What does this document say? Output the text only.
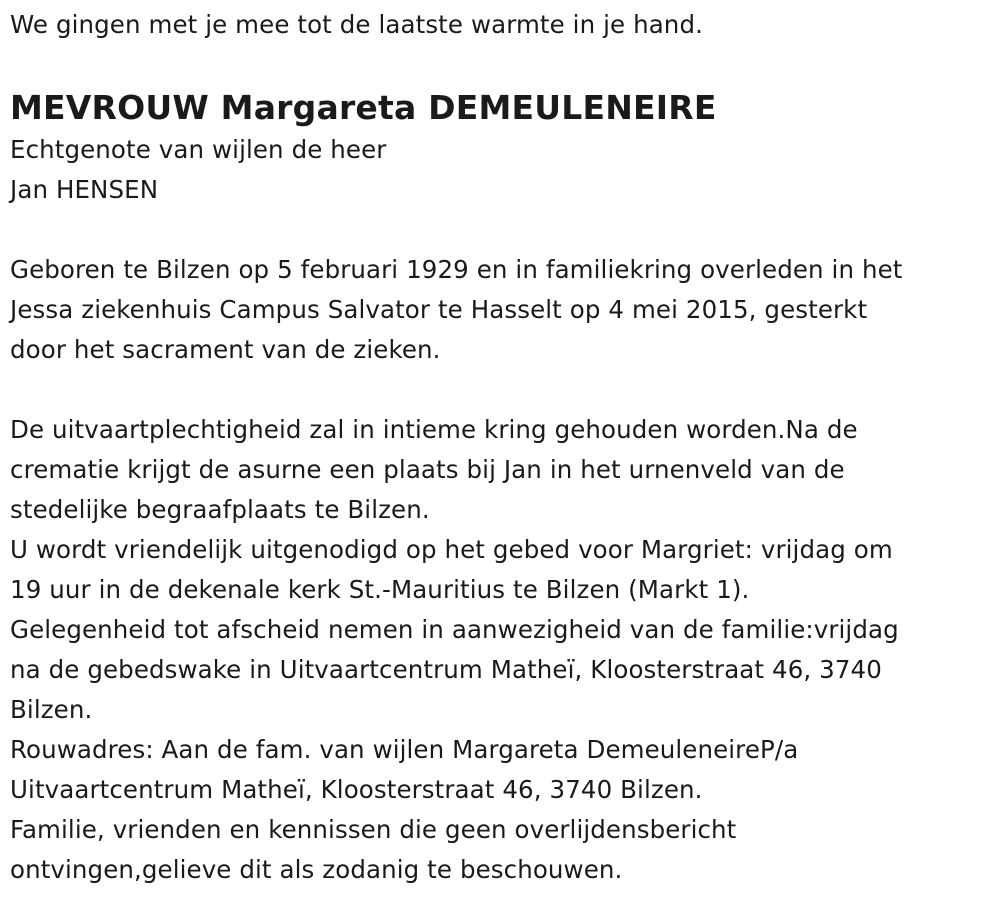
We gingen met je mee tot de laatste warmte in je hand.
MEVROUW Margareta DEMEULENEIRE
Echtgenote van wijlen de heer
Jan HENSEN
Geboren te Bilzen op 5 februari 1929 en in familiekring overleden in het
Jessa ziekenhuis Campus Salvator te Hasselt op 4 mei 2015, gesterkt
door het sacrament van de zieken.
De uitvaartplechtigheid zal in intieme kring gehouden worden.Na de
crematie krijgt de asurne een plaats bij Jan in het urnenveld van de
stedelijke begraafplaats te Bilzen.
U wordt vriendelijk uitgenodigd op het gebed voor Margriet: vrijdag om
19 uur in de dekenale kerk St.-Mauritius te Bilzen (Markt 1).
Gelegenheid tot afscheid nemen in aanwezigheid van de familie:vrijdag
na de gebedswake in Uitvaartcentrum Matheï, Kloosterstraat 46, 3740
Bilzen.
Rouwadres: Aan de fam. van wijlen Margareta DemeuleneireP/a
Uitvaartcentrum Matheï, Kloosterstraat 46, 3740 Bilzen.
Familie, vrienden en kennissen die geen overlijdensbericht
ontvingen,gelieve dit als zodanig te beschouwen.
